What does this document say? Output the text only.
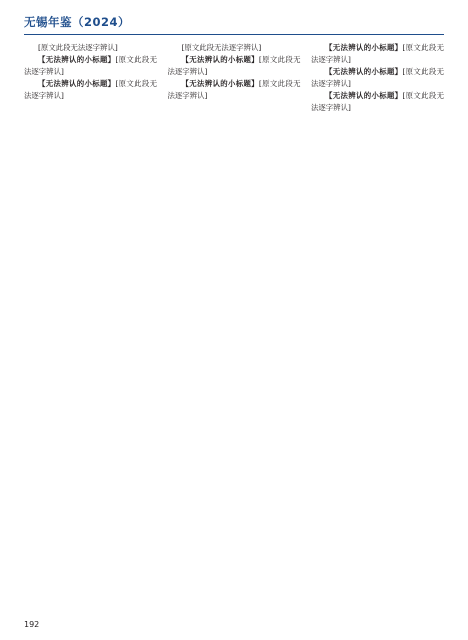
无锡年鉴（2024）

[原文此段无法逐字辨认]

【无法辨认的小标题】[原文此段无法逐字辨认]

【无法辨认的小标题】[原文此段无法逐字辨认]

[原文此段无法逐字辨认]

【无法辨认的小标题】[原文此段无法逐字辨认]

【无法辨认的小标题】[原文此段无法逐字辨认]

【无法辨认的小标题】[原文此段无法逐字辨认]

【无法辨认的小标题】[原文此段无法逐字辨认]

【无法辨认的小标题】[原文此段无法逐字辨认]

192
